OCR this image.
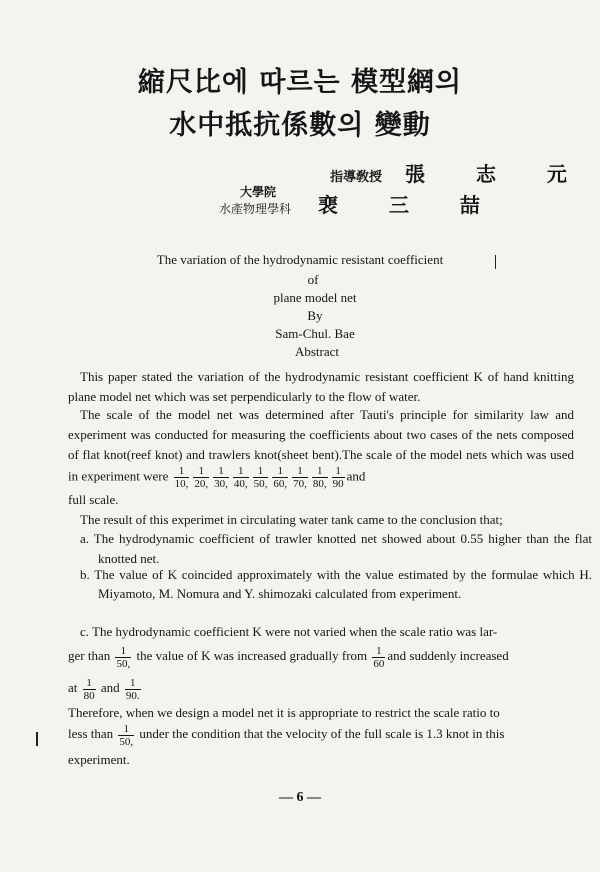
縮尺比에 따르는 模型網의
水中抵抗係數의 變動
指導敎授 張 志 元
大學院
水產物理學科 裵 三 喆
The variation of the hydrodynamic resistant coefficient
of
plane model net
By
Sam-Chul. Bae
Abstract
This paper stated the variation of the hydrodynamic resistant coefficient K of hand knitting plane model net which was set perpendicularly to the flow of water.
The scale of the model net was determined after Tauti's principle for similarity law and experiment was conducted for measuring the coefficients about two cases of the nets composed of flat knot(reef knot) and trawlers knot(sheet bent).The scale of the model nets which was used in experiment were $\frac{1}{10,} \frac{1}{20,} \frac{1}{30,} \frac{1}{40,} \frac{1}{50,} \frac{1}{60,} \frac{1}{70,} \frac{1}{80,} \frac{1}{90}$ and
full scale.
The result of this experimet in circulating water tank came to the conclusion that;
a. The hydrodynamic coefficient of trawler knotted net showed about 0.55 higher than the flat knotted net.
b. The value of K coincided approximately with the value estimated by the formulae which H. Miyamoto, M. Nomura and Y. shimozaki calculated from experiment.
c. The hydrodynamic coefficient K were not varied when the scale ratio was lar-
ger than $\frac{1}{50,}$ the value of K was increased gradually from $\frac{1}{60}$ and suddenly increased
at $\frac{1}{80}$ and $\frac{1}{90.}$
Therefore, when we design a model net it is appropriate to restrict the scale ratio to
less than $\frac{1}{50,}$ under the condition that the velocity of the full scale is 1.3 knot in this
experiment.
— 6 —
